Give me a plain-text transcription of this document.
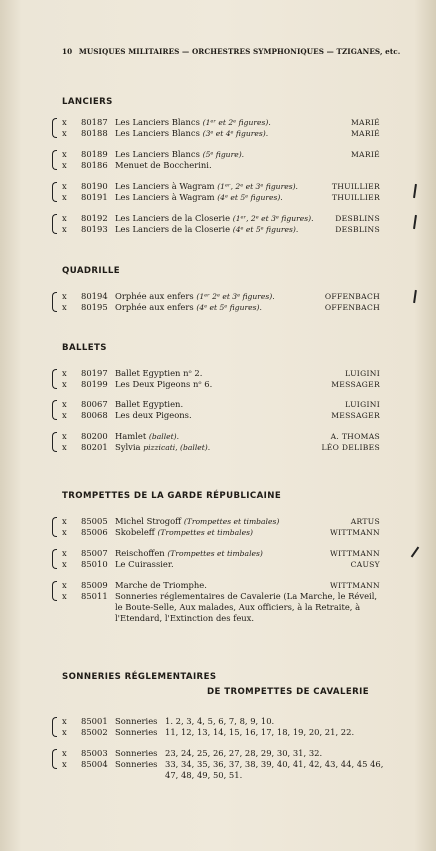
10 MUSIQUES MILITAIRES — ORCHESTRES SYMPHONIQUES — TZIGANES, etc.
LANCIERS
x 80187 Les Lanciers Blancs (1ᵉʳ et 2ᵉ figures).	MARIÉ
x 80188 Les Lanciers Blancs (3ᵉ et 4ᵉ figures).	MARIÉ
x 80189 Les Lanciers Blancs (5ᵉ figure).	MARIÉ
x 80186 Menuet de Boccherini.
x 80190 Les Lanciers à Wagram (1ᵉʳ, 2ᵉ et 3ᵉ figures).	THUILLIER
x 80191 Les Lanciers à Wagram (4ᵉ et 5ᵉ figures).	THUILLIER
x 80192 Les Lanciers de la Closerie (1ᵉʳ, 2ᵉ et 3ᵉ figures).	DESBLINS
x 80193 Les Lanciers de la Closerie (4ᵉ et 5ᵉ figures).	DESBLINS
QUADRILLE
x 80194 Orphée aux enfers (1ᵉʳ 2ᵉ et 3ᵉ figures).	OFFENBACH
x 80195 Orphée aux enfers (4ᵉ et 5ᵉ figures).	OFFENBACH
BALLETS
x 80197 Ballet Egyptien nᵒ 2.	LUIGINI
x 80199 Les Deux Pigeons nᵒ 6.	MESSAGER
x 80067 Ballet Egyptien.	LUIGINI
x 80068 Les deux Pigeons.	MESSAGER
x 80200 Hamlet (ballet).	A. THOMAS
x 80201 Sylvia pizzicati, (ballet).	LÉO DELIBES
TROMPETTES DE LA GARDE RÉPUBLICAINE
x 85005 Michel Strogoff (Trompettes et timbales)	ARTUS
x 85006 Skobeleff (Trompettes et timbales)	WITTMANN
x 85007 Reischoffen (Trompettes et timbales)	WITTMANN
x 85010 Le Cuirassier.	CAUSY
x 85009 Marche de Triomphe.	WITTMANN
x 85011 Sonneries réglementaires de Cavalerie (La Marche, le Réveil, le Boute-Selle, Aux malades, Aux officiers, à la Retraite, à l'Etendard, l'Extinction des feux.
SONNERIES RÉGLEMENTAIRES
DE TROMPETTES DE CAVALERIE
x 85001 Sonneries 1. 2, 3, 4, 5, 6, 7, 8, 9, 10.
x 85002 Sonneries 11, 12, 13, 14, 15, 16, 17, 18, 19, 20, 21, 22.
x 85003 Sonneries 23, 24, 25, 26, 27, 28, 29, 30, 31, 32.
x 85004 Sonneries 33, 34, 35, 36, 37, 38, 39, 40, 41, 42, 43, 44, 45 46, 47, 48, 49, 50, 51.
